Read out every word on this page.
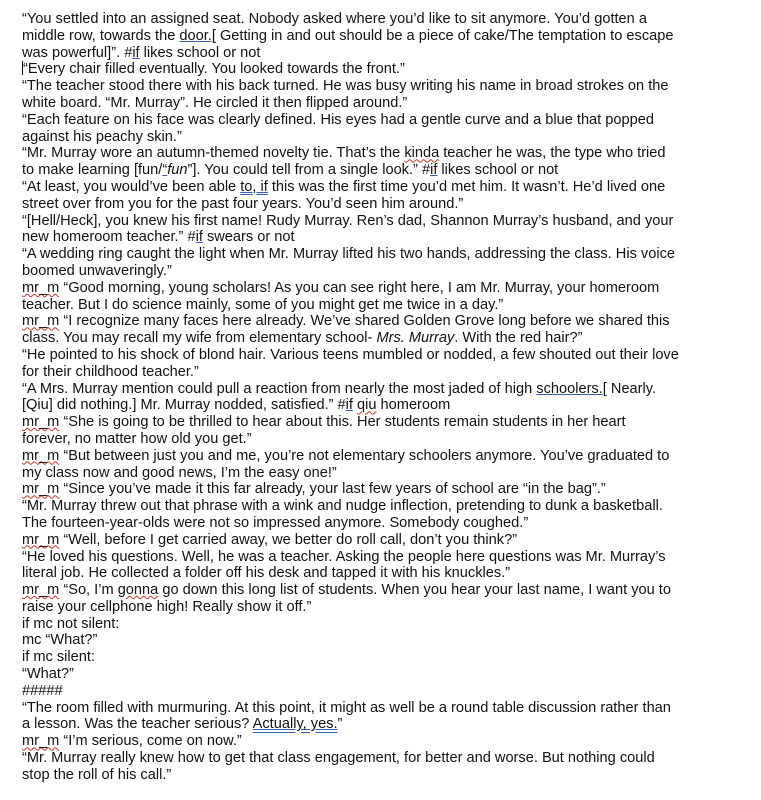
“You settled into an assigned seat. Nobody asked where you’d like to sit anymore. You’d gotten a
middle row, towards the door.[ Getting in and out should be a piece of cake/The temptation to escape
was powerful]”. #if likes school or not
“Every chair filled eventually. You looked towards the front.”
“The teacher stood there with his back turned. He was busy writing his name in broad strokes on the
white board. “Mr. Murray”. He circled it then flipped around.”
“Each feature on his face was clearly defined. His eyes had a gentle curve and a blue that popped
against his peachy skin.”
“Mr. Murray wore an autumn-themed novelty tie. That’s the kinda teacher he was, the type who tried
to make learning [fun/“fun”]. You could tell from a single look.” #if likes school or not
“At least, you would’ve been able to, if this was the first time you’d met him. It wasn’t. He’d lived one
street over from you for the past four years. You’d seen him around.”
“[Hell/Heck], you knew his first name! Rudy Murray. Ren’s dad, Shannon Murray’s husband, and your
new homeroom teacher.” #if swears or not
“A wedding ring caught the light when Mr. Murray lifted his two hands, addressing the class. His voice
boomed unwaveringly.”
mr_m “Good morning, young scholars! As you can see right here, I am Mr. Murray, your homeroom
teacher. But I do science mainly, some of you might get me twice in a day.”
mr_m “I recognize many faces here already. We’ve shared Golden Grove long before we shared this
class. You may recall my wife from elementary school- Mrs. Murray. With the red hair?”
“He pointed to his shock of blond hair. Various teens mumbled or nodded, a few shouted out their love
for their childhood teacher.”
“A Mrs. Murray mention could pull a reaction from nearly the most jaded of high schoolers.[ Nearly.
[Qiu] did nothing.] Mr. Murray nodded, satisfied.” #if qiu homeroom
mr_m “She is going to be thrilled to hear about this. Her students remain students in her heart
forever, no matter how old you get.”
mr_m “But between just you and me, you’re not elementary schoolers anymore. You’ve graduated to
my class now and good news, I’m the easy one!”
mr_m “Since you’ve made it this far already, your last few years of school are “in the bag”.”
“Mr. Murray threw out that phrase with a wink and nudge inflection, pretending to dunk a basketball.
The fourteen-year-olds were not so impressed anymore. Somebody coughed.”
mr_m “Well, before I get carried away, we better do roll call, don’t you think?”
“He loved his questions. Well, he was a teacher. Asking the people here questions was Mr. Murray’s
literal job. He collected a folder off his desk and tapped it with his knuckles.”
mr_m “So, I’m gonna go down this long list of students. When you hear your last name, I want you to
raise your cellphone high! Really show it off.”
if mc not silent:
mc “What?”
if mc silent:
“What?”
#####
“The room filled with murmuring. At this point, it might as well be a round table discussion rather than
a lesson. Was the teacher serious? Actually, yes.”
mr_m “I’m serious, come on now.”
“Mr. Murray really knew how to get that class engagement, for better and worse. But nothing could
stop the roll of his call.”
